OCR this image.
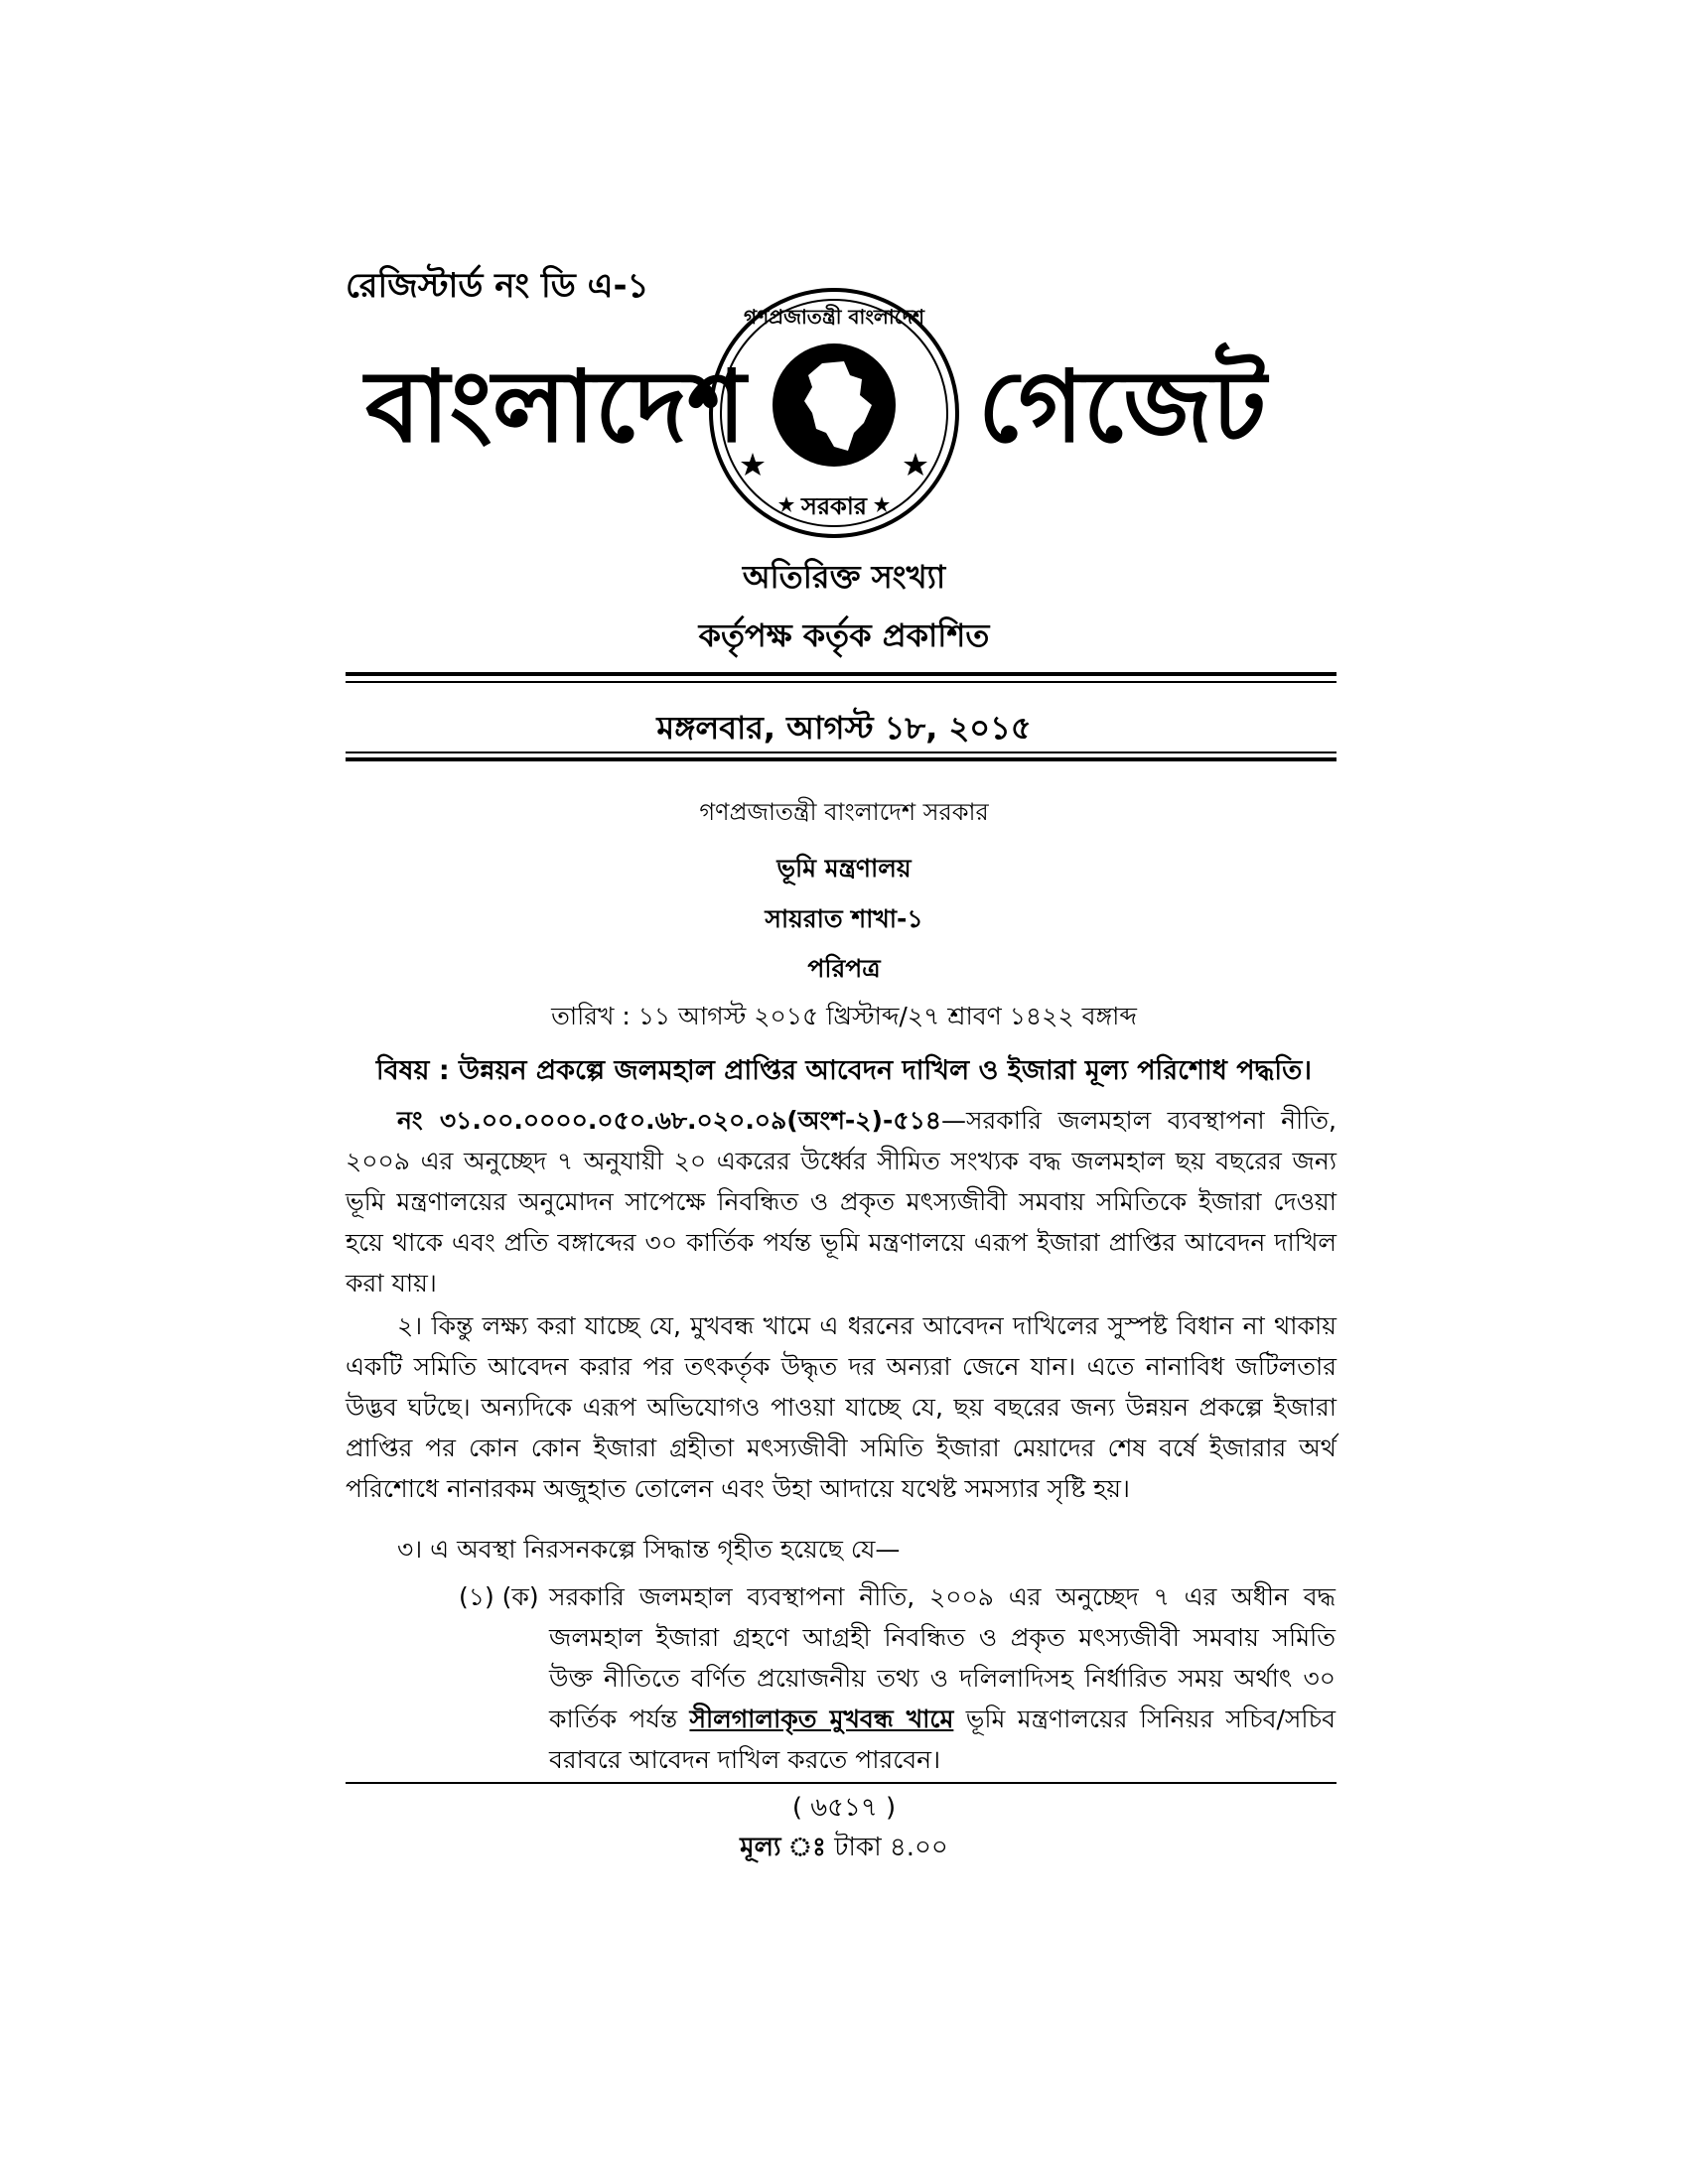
রেজিস্টার্ড নং ডি এ-১
বাংলাদেশ
গণপ্রজাতন্ত্রী বাংলাদেশ
সরকার
গেজেট
অতিরিক্ত সংখ্যা
কর্তৃপক্ষ কর্তৃক প্রকাশিত
মঙ্গলবার, আগস্ট ১৮, ২০১৫
গণপ্রজাতন্ত্রী বাংলাদেশ সরকার
ভূমি মন্ত্রণালয়
সায়রাত শাখা-১
পরিপত্র
তারিখ : ১১ আগস্ট ২০১৫ খ্রিস্টাব্দ/২৭ শ্রাবণ ১৪২২ বঙ্গাব্দ
বিষয় : উন্নয়ন প্রকল্পে জলমহাল প্রাপ্তির আবেদন দাখিল ও ইজারা মূল্য পরিশোধ পদ্ধতি।
নং ৩১.০০.০০০০.০৫০.৬৮.০২০.০৯(অংশ-২)-৫১৪—সরকারি জলমহাল ব্যবস্থাপনা নীতি, ২০০৯ এর অনুচ্ছেদ ৭ অনুযায়ী ২০ একরের উর্ধ্বের সীমিত সংখ্যক বদ্ধ জলমহাল ছয় বছরের জন্য ভূমি মন্ত্রণালয়ের অনুমোদন সাপেক্ষে নিবন্ধিত ও প্রকৃত মৎস্যজীবী সমবায় সমিতিকে ইজারা দেওয়া হয়ে থাকে এবং প্রতি বঙ্গাব্দের ৩০ কার্তিক পর্যন্ত ভূমি মন্ত্রণালয়ে এরূপ ইজারা প্রাপ্তির আবেদন দাখিল করা যায়।
২। কিন্তু লক্ষ্য করা যাচ্ছে যে, মুখবন্ধ খামে এ ধরনের আবেদন দাখিলের সুস্পষ্ট বিধান না থাকায় একটি সমিতি আবেদন করার পর তৎকর্তৃক উদ্ধৃত দর অন্যরা জেনে যান। এতে নানাবিধ জটিলতার উদ্ভব ঘটছে। অন্যদিকে এরূপ অভিযোগও পাওয়া যাচ্ছে যে, ছয় বছরের জন্য উন্নয়ন প্রকল্পে ইজারা প্রাপ্তির পর কোন কোন ইজারা গ্রহীতা মৎস্যজীবী সমিতি ইজারা মেয়াদের শেষ বর্ষে ইজারার অর্থ পরিশোধে নানারকম অজুহাত তোলেন এবং উহা আদায়ে যথেষ্ট সমস্যার সৃষ্টি হয়।
৩। এ অবস্থা নিরসনকল্পে সিদ্ধান্ত গৃহীত হয়েছে যে—
(১) (ক) সরকারি জলমহাল ব্যবস্থাপনা নীতি, ২০০৯ এর অনুচ্ছেদ ৭ এর অধীন বদ্ধ জলমহাল ইজারা গ্রহণে আগ্রহী নিবন্ধিত ও প্রকৃত মৎস্যজীবী সমবায় সমিতি উক্ত নীতিতে বর্ণিত প্রয়োজনীয় তথ্য ও দলিলাদিসহ নির্ধারিত সময় অর্থাৎ ৩০ কার্তিক পর্যন্ত সীলগালাকৃত মুখবন্ধ খামে ভূমি মন্ত্রণালয়ের সিনিয়র সচিব/সচিব বরাবরে আবেদন দাখিল করতে পারবেন।
( ৬৫১৭ )
মূল্য ঃ টাকা ৪.০০
